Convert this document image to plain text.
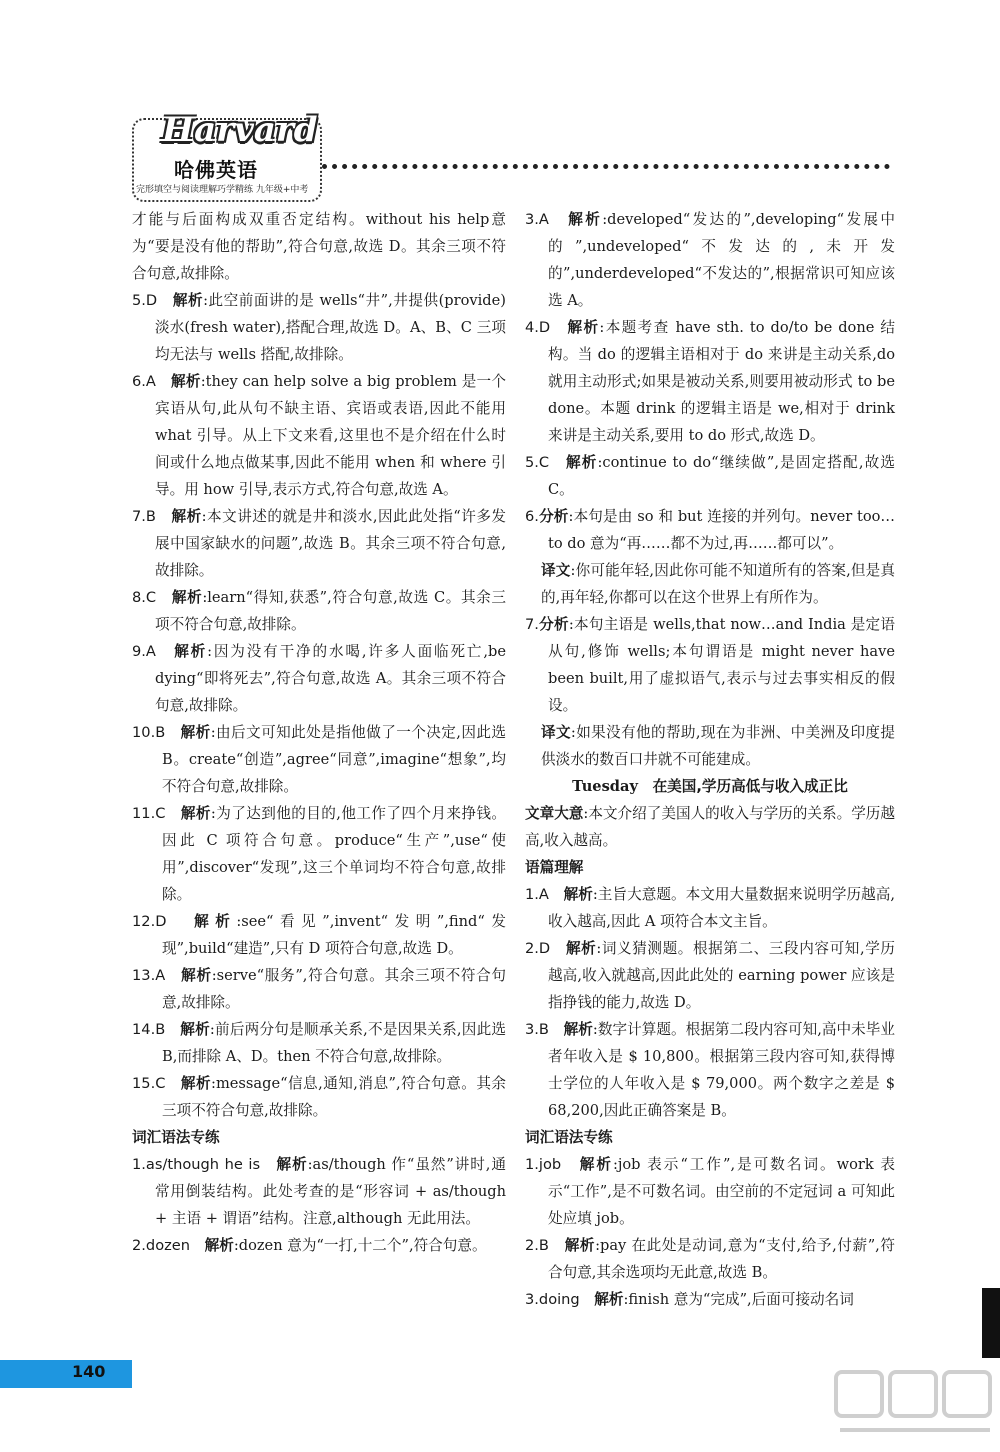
Harvard
哈佛英语
完形填空与阅读理解巧学精练 九年级+中考

才能与后面构成双重否定结构。without his help意为“要是没有他的帮助”,符合句意,故选 D。其余三项不符合句意,故排除。

5.D　 解析:此空前面讲的是 wells“井”,井提供(provide)淡水(fresh water),搭配合理,故选 D。A、B、C 三项均无法与 wells 搭配,故排除。

6.A　 解析:they can help solve a big problem 是一个宾语从句,此从句不缺主语、宾语或表语,因此不能用 what 引导。从上下文来看,这里也不是介绍在什么时间或什么地点做某事,因此不能用 when 和 where 引导。用 how 引导,表示方式,符合句意,故选 A。

7.B　 解析:本文讲述的就是井和淡水,因此此处指“许多发展中国家缺水的问题”,故选 B。其余三项不符合句意,故排除。

8.C　 解析:learn“得知,获悉”,符合句意,故选 C。其余三项不符合句意,故排除。

9.A　 解析:因为没有干净的水喝,许多人面临死亡,be dying“即将死去”,符合句意,故选 A。其余三项不符合句意,故排除。

10.B　 解析:由后文可知此处是指他做了一个决定,因此选 B。create“创造”,agree“同意”,imagine“想象”,均不符合句意,故排除。

11.C　 解析:为了达到他的目的,他工作了四个月来挣钱。因此 C 项符合句意。produce“生产”,use“使用”,discover“发现”,这三个单词均不符合句意,故排除。

12.D　 解析:see“看见”,invent“发明”,find“发现”,build“建造”,只有 D 项符合句意,故选 D。

13.A　 解析:serve“服务”,符合句意。其余三项不符合句意,故排除。

14.B　 解析:前后两分句是顺承关系,不是因果关系,因此选 B,而排除 A、D。then 不符合句意,故排除。

15.C　 解析:message“信息,通知,消息”,符合句意。其余三项不符合句意,故排除。

词汇语法专练

1.as/though he is　 解析:as/though 作“虽然”讲时,通常用倒装结构。此处考查的是“形容词 + as/though + 主语 + 谓语”结构。注意,although 无此用法。

2.dozen　 解析:dozen 意为“一打,十二个”,符合句意。

3.A　 解析:developed“发达的”,developing“发展中的”,undeveloped“不发达的,未开发的”,underdeveloped“不发达的”,根据常识可知应该选 A。

4.D　 解析:本题考查 have sth. to do/to be done 结构。当 do 的逻辑主语相对于 do 来讲是主动关系,do 就用主动形式;如果是被动关系,则要用被动形式 to be done。本题 drink 的逻辑主语是 we,相对于 drink 来讲是主动关系,要用 to do 形式,故选 D。

5.C　 解析:continue to do“继续做”,是固定搭配,故选 C。

6.分析:本句是由 so 和 but 连接的并列句。never too… to do 意为“再……都不为过,再……都可以”。

译文:你可能年轻,因此你可能不知道所有的答案,但是真的,再年轻,你都可以在这个世界上有所作为。

7.分析:本句主语是 wells,that now…and India 是定语从句,修饰 wells;本句谓语是 might never have been built,用了虚拟语气,表示与过去事实相反的假设。

译文:如果没有他的帮助,现在为非洲、中美洲及印度提供淡水的数百口井就不可能建成。

Tuesday　 在美国,学历高低与收入成正比

文章大意:本文介绍了美国人的收入与学历的关系。学历越高,收入越高。

语篇理解

1.A　 解析:主旨大意题。本文用大量数据来说明学历越高,收入越高,因此 A 项符合本文主旨。

2.D　 解析:词义猜测题。根据第二、三段内容可知,学历越高,收入就越高,因此此处的 earning power 应该是指挣钱的能力,故选 D。

3.B　 解析:数字计算题。根据第二段内容可知,高中未毕业者年收入是 $ 10,800。根据第三段内容可知,获得博士学位的人年收入是 $ 79,000。两个数字之差是 $ 68,200,因此正确答案是 B。

词汇语法专练

1.job　 解析:job 表示“工作”,是可数名词。work 表示“工作”,是不可数名词。由空前的不定冠词 a 可知此处应填 job。

2.B　 解析:pay 在此处是动词,意为“支付,给予,付薪”,符合句意,其余选项均无此意,故选 B。

3.doing　 解析:finish 意为“完成”,后面可接动名词

140
